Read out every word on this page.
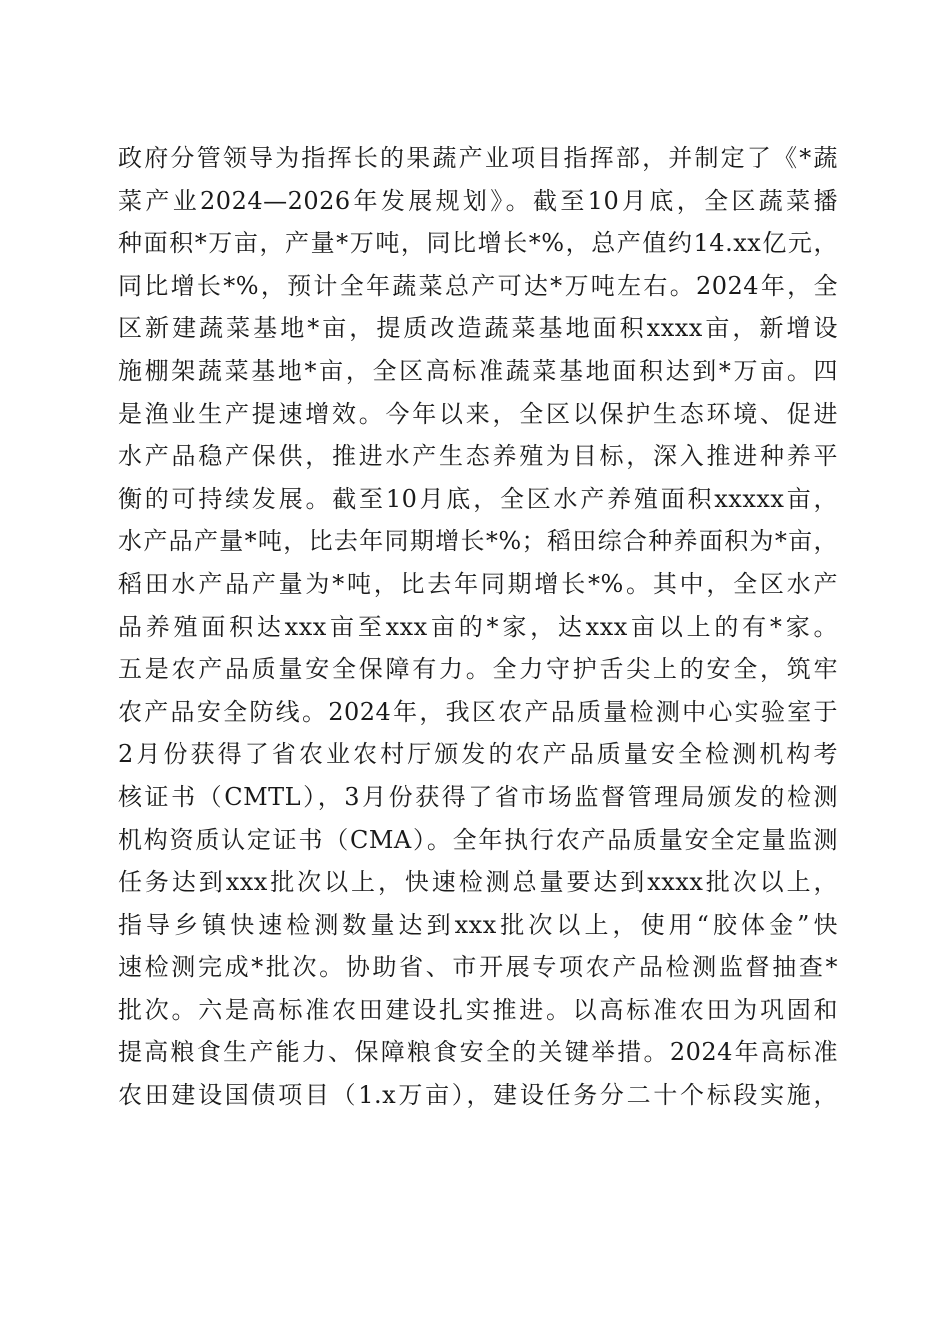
政府分管领导为指挥长的果蔬产业项目指挥部，并制定了《*蔬
菜产业2024—2026年发展规划》。截至10月底，全区蔬菜播
种面积*万亩，产量*万吨，同比增长*%，总产值约14.xx亿元，
同比增长*%，预计全年蔬菜总产可达*万吨左右。2024年，全
区新建蔬菜基地*亩，提质改造蔬菜基地面积xxxx亩，新增设
施棚架蔬菜基地*亩，全区高标准蔬菜基地面积达到*万亩。四
是渔业生产提速增效。今年以来，全区以保护生态环境、促进
水产品稳产保供，推进水产生态养殖为目标，深入推进种养平
衡的可持续发展。截至10月底，全区水产养殖面积xxxxx亩，
水产品产量*吨，比去年同期增长*%；稻田综合种养面积为*亩，
稻田水产品产量为*吨，比去年同期增长*%。其中，全区水产
品养殖面积达xxx亩至xxx亩的*家，达xxx亩以上的有*家。
五是农产品质量安全保障有力。全力守护舌尖上的安全，筑牢
农产品安全防线。2024年，我区农产品质量检测中心实验室于
2月份获得了省农业农村厅颁发的农产品质量安全检测机构考
核证书（CMTL），3月份获得了省市场监督管理局颁发的检测
机构资质认定证书（CMA）。全年执行农产品质量安全定量监测
任务达到xxx批次以上，快速检测总量要达到xxxx批次以上，
指导乡镇快速检测数量达到xxx批次以上，使用“胶体金”快
速检测完成*批次。协助省、市开展专项农产品检测监督抽查*
批次。六是高标准农田建设扎实推进。以高标准农田为巩固和
提高粮食生产能力、保障粮食安全的关键举措。2024年高标准
农田建设国债项目（1.x万亩），建设任务分二十个标段实施，
